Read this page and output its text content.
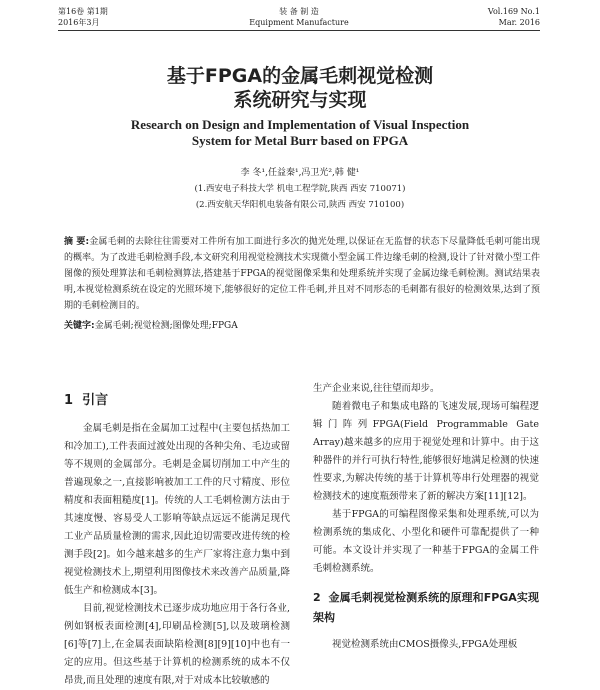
第16卷 第1期
2016年3月
装 备 制 造
Equipment Manufacture
Vol.169 No.1
Mar. 2016
基于FPGA的金属毛刺视觉检测
系统研究与实现
Research on Design and Implementation of Visual Inspection
System for Metal Burr based on FPGA
李 冬¹,任益秦¹,冯卫光²,韩 健¹
(1.西安电子科技大学 机电工程学院,陕西 西安 710071)
(2.西安航天华阳机电装备有限公司,陕西 西安 710100)
摘 要:金属毛刺的去除往往需要对工件所有加工面进行多次的抛光处理,以保证在无监督的状态下尽量降低毛刺可能出现的概率。为了改进毛刺检测手段,本文研究利用视觉检测技术实现微小型金属工件边缘毛刺的检测,设计了针对微小型工件图像的预处理算法和毛刺检测算法,搭建基于FPGA的视觉图像采集和处理系统并实现了金属边缘毛刺检测。测试结果表明,本视觉检测系统在设定的光照环境下,能够很好的定位工件毛刺,并且对不同形态的毛刺都有很好的检测效果,达到了预期的毛刺检测目的。
关键字:金属毛刺;视觉检测;图像处理;FPGA
1 引言

金属毛刺是指在金属加工过程中(主要包括热加工和冷加工),工件表面过渡处出现的各种尖角、毛边或留等不规则的金属部分。毛刺是金属切削加工中产生的普遍现象之一,直接影响被加工工件的尺寸精度、形位精度和表面粗糙度[1]。传统的人工毛刺检测方法由于其速度慢、容易受人工影响等缺点远远不能满足现代工业产品质量检测的需求,因此迫切需要改进传统的检测手段[2]。如今越来越多的生产厂家将注意力集中到视觉检测技术上,期望利用图像技术来改善产品质量,降低生产和检测成本[3]。

目前,视觉检测技术已逐步成功地应用于各行各业,例如钢板表面检测[4],印刷品检测[5],以及玻璃检测[6]等[7]上,在金属表面缺陷检测[8][9][10]中也有一定的应用。但这些基于计算机的检测系统的成本不仅昂贵,而且处理的速度有限,对于对成本比较敏感的

生产企业来说,往往望而却步。

随着微电子和集成电路的飞速发展,现场可编程逻辑门阵列FPGA(Field Programmable Gate Array)越来越多的应用于视觉处理和计算中。由于这种器件的并行可执行特性,能够很好地满足检测的快速性要求,为解决传统的基于计算机等串行处理器的视觉检测技术的速度瓶颈带来了新的解决方案[11][12]。

基于FPGA的可编程图像采集和处理系统,可以为检测系统的集成化、小型化和硬件可靠配提供了一种可能。本文设计并实现了一种基于FPGA的金属工件毛刺检测系统。

2 金属毛刺视觉检测系统的原理和FPGA实现架构

视觉检测系统由CMOS摄像头,FPGA处理板
